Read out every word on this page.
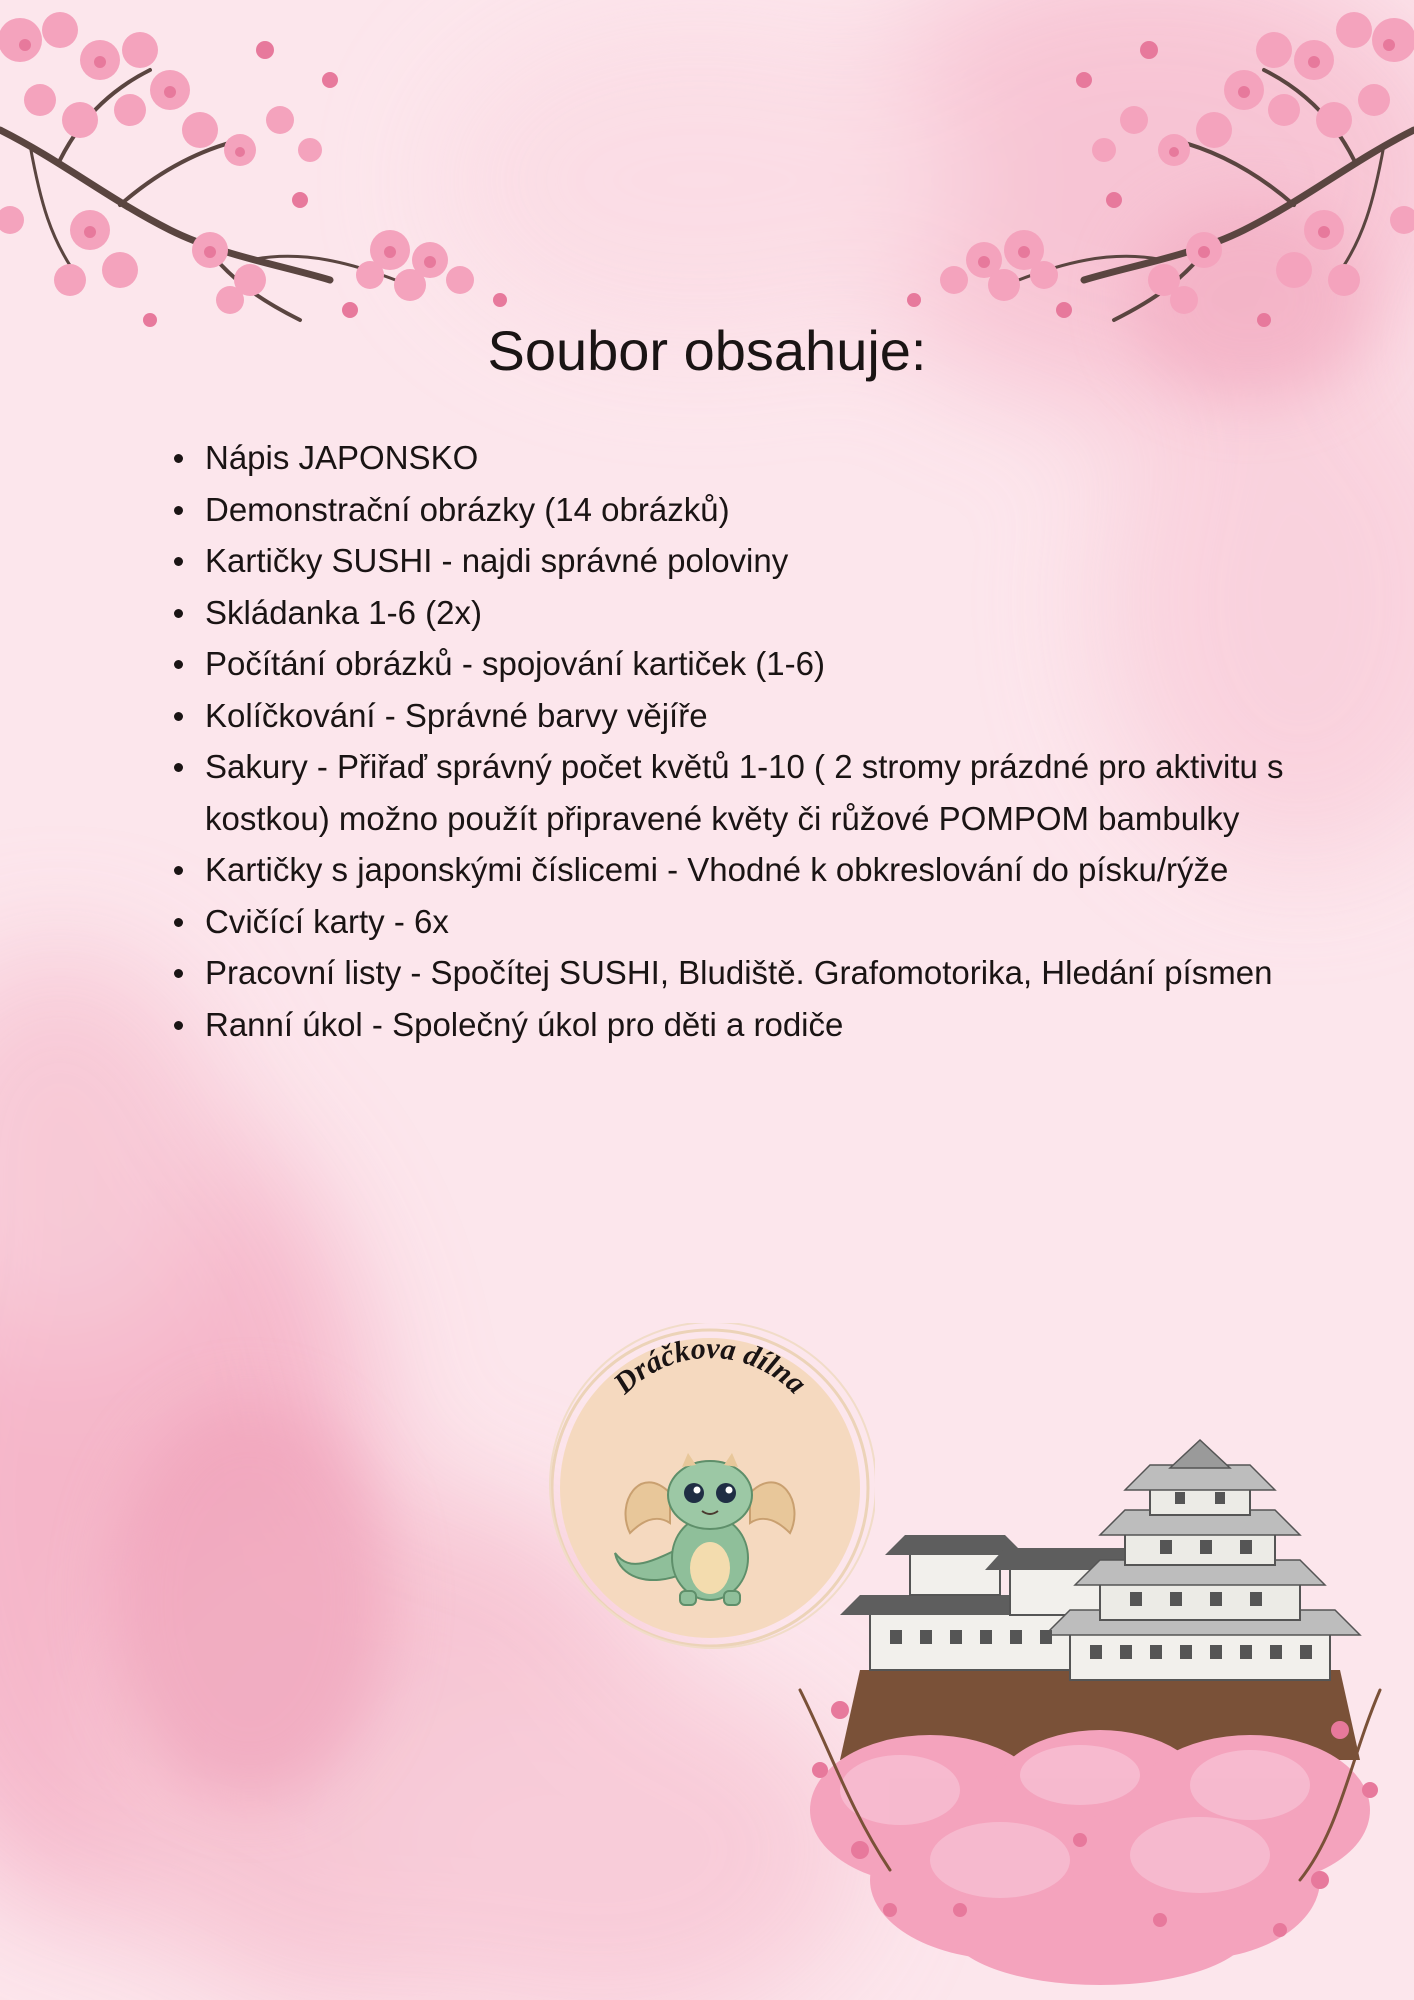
Soubor obsahuje:
Nápis JAPONSKO
Demonstrační obrázky (14 obrázků)
Kartičky SUSHI - najdi správné poloviny
Skládanka 1-6 (2x)
Počítání obrázků - spojování kartiček (1-6)
Kolíčkování - Správné barvy vějíře
Sakury - Přiřaď správný počet květů 1-10 ( 2 stromy prázdné pro aktivitu s kostkou) možno použít připravené květy či růžové POMPOM bambulky
Kartičky s japonskými číslicemi - Vhodné k obkreslování do písku/rýže
Cvičící karty - 6x
Pracovní listy - Spočítej SUSHI, Bludiště. Grafomotorika, Hledání písmen
Ranní úkol - Společný úkol pro děti a rodiče
Dráčkova dílna
